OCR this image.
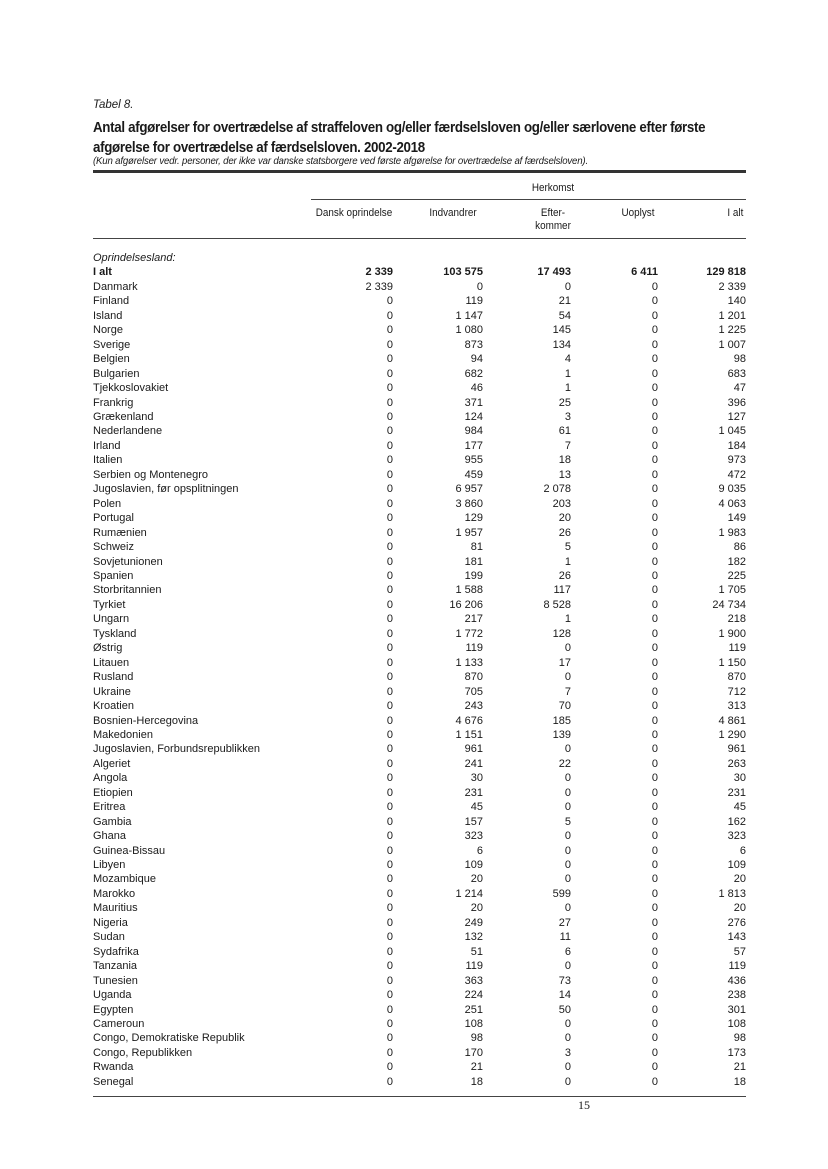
Tabel 8.
Antal afgørelser for overtrædelse af straffeloven og/eller færdselsloven og/eller særlovene efter første afgørelse for overtrædelse af færdselsloven. 2002-2018
(Kun afgørelser vedr. personer, der ikke var danske statsborgere ved første afgørelse for overtrædelse af færdselsloven).
Herkomst
Dansk oprindelse	Indvandrer	Efter-
kommer
Uoplyst	I alt
Oprindelsesland:					
I alt	2 339	103 575	17 493	6 411	129 818
Danmark	2 339	0	0	0	2 339
Finland	0	119	21	0	140
Island	0	1 147	54	0	1 201
Norge	0	1 080	145	0	1 225
Sverige	0	873	134	0	1 007
Belgien	0	94	4	0	98
Bulgarien	0	682	1	0	683
Tjekkoslovakiet	0	46	1	0	47
Frankrig	0	371	25	0	396
Grækenland	0	124	3	0	127
Nederlandene	0	984	61	0	1 045
Irland	0	177	7	0	184
Italien	0	955	18	0	973
Serbien og Montenegro	0	459	13	0	472
Jugoslavien, før opsplitningen	0	6 957	2 078	0	9 035
Polen	0	3 860	203	0	4 063
Portugal	0	129	20	0	149
Rumænien	0	1 957	26	0	1 983
Schweiz	0	81	5	0	86
Sovjetunionen	0	181	1	0	182
Spanien	0	199	26	0	225
Storbritannien	0	1 588	117	0	1 705
Tyrkiet	0	16 206	8 528	0	24 734
Ungarn	0	217	1	0	218
Tyskland	0	1 772	128	0	1 900
Østrig	0	119	0	0	119
Litauen	0	1 133	17	0	1 150
Rusland	0	870	0	0	870
Ukraine	0	705	7	0	712
Kroatien	0	243	70	0	313
Bosnien-Hercegovina	0	4 676	185	0	4 861
Makedonien	0	1 151	139	0	1 290
Jugoslavien, Forbundsrepublikken	0	961	0	0	961
Algeriet	0	241	22	0	263
Angola	0	30	0	0	30
Etiopien	0	231	0	0	231
Eritrea	0	45	0	0	45
Gambia	0	157	5	0	162
Ghana	0	323	0	0	323
Guinea-Bissau	0	6	0	0	6
Libyen	0	109	0	0	109
Mozambique	0	20	0	0	20
Marokko	0	1 214	599	0	1 813
Mauritius	0	20	0	0	20
Nigeria	0	249	27	0	276
Sudan	0	132	11	0	143
Sydafrika	0	51	6	0	57
Tanzania	0	119	0	0	119
Tunesien	0	363	73	0	436
Uganda	0	224	14	0	238
Egypten	0	251	50	0	301
Cameroun	0	108	0	0	108
Congo, Demokratiske Republik	0	98	0	0	98
Congo, Republikken	0	170	3	0	173
Rwanda	0	21	0	0	21
Senegal	0	18	0	0	18
15
